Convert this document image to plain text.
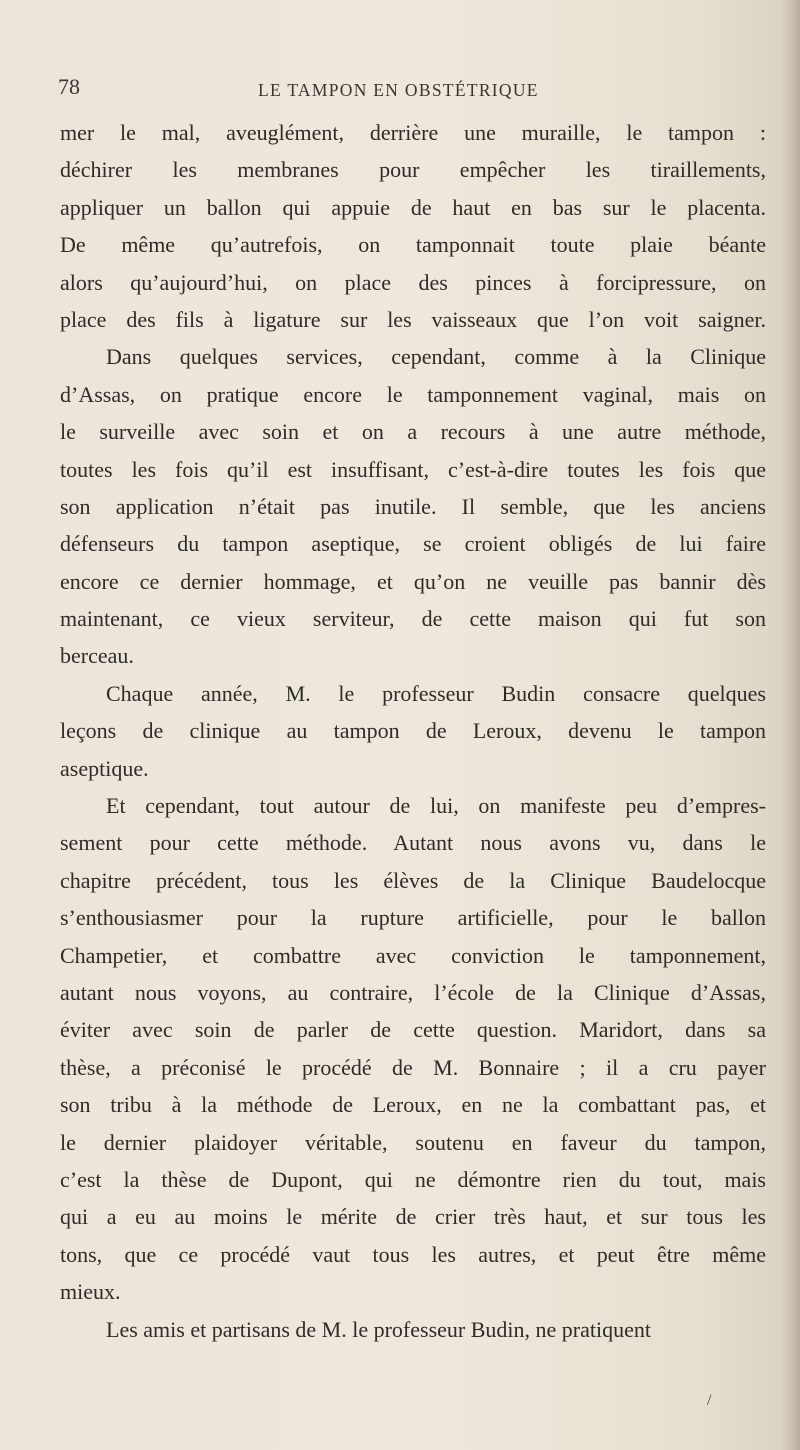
78	LE TAMPON EN OBSTÉTRIQUE
mer le mal, aveuglément, derrière une muraille, le tampon :
déchirer les membranes pour empêcher les tiraillements,
appliquer un ballon qui appuie de haut en bas sur le placenta.
De même qu’autrefois, on tamponnait toute plaie béante
alors qu’aujourd’hui, on place des pinces à forcipressure, on
place des fils à ligature sur les vaisseaux que l’on voit saigner.
Dans quelques services, cependant, comme à la Clinique
d’Assas, on pratique encore le tamponnement vaginal, mais on
le surveille avec soin et on a recours à une autre méthode,
toutes les fois qu’il est insuffisant, c’est-à-dire toutes les fois que
son application n’était pas inutile. Il semble, que les anciens
défenseurs du tampon aseptique, se croient obligés de lui faire
encore ce dernier hommage, et qu’on ne veuille pas bannir dès
maintenant, ce vieux serviteur, de cette maison qui fut son
berceau.
Chaque année, M. le professeur Budin consacre quelques
leçons de clinique au tampon de Leroux, devenu le tampon
aseptique.
Et cependant, tout autour de lui, on manifeste peu d’empres-
sement pour cette méthode. Autant nous avons vu, dans le
chapitre précédent, tous les élèves de la Clinique Baudelocque
s’enthousiasmer pour la rupture artificielle, pour le ballon
Champetier, et combattre avec conviction le tamponnement,
autant nous voyons, au contraire, l’école de la Clinique d’Assas,
éviter avec soin de parler de cette question. Maridort, dans sa
thèse, a préconisé le procédé de M. Bonnaire ; il a cru payer
son tribu à la méthode de Leroux, en ne la combattant pas, et
le dernier plaidoyer véritable, soutenu en faveur du tampon,
c’est la thèse de Dupont, qui ne démontre rien du tout, mais
qui a eu au moins le mérite de crier très haut, et sur tous les
tons, que ce procédé vaut tous les autres, et peut être même
mieux.
Les amis et partisans de M. le professeur Budin, ne pratiquent
/
